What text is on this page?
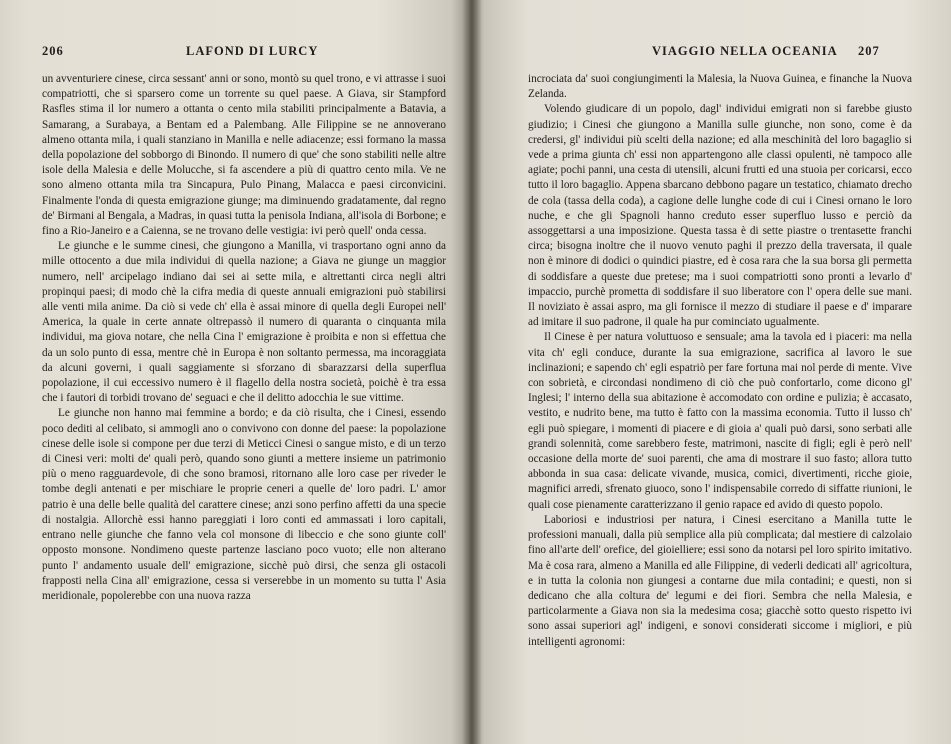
206	LAFOND DI LURCY

un avventuriere cinese, circa sessant' anni or sono, montò su quel trono, e vi attrasse i suoi compatriotti, che si sparsero come un torrente su quel paese. A Giava, sir Stampford Rasfles stima il lor numero a ottanta o cento mila stabiliti principalmente a Batavia, a Samarang, a Surabaya, a Bentam ed a Palembang. Alle Filippine se ne annoverano almeno ottanta mila, i quali stanziano in Manilla e nelle adiacenze; essi formano la massa della popolazione del sobborgo di Binondo. Il numero di que' che sono stabiliti nelle altre isole della Malesia e delle Molucche, si fa ascendere a più di quattro cento mila. Ve ne sono almeno ottanta mila tra Sincapura, Pulo Pinang, Malacca e paesi circonvicini. Finalmente l'onda di questa emigrazione giunge; ma diminuendo gradatamente, dal regno de' Birmani al Bengala, a Madras, in quasi tutta la penisola Indiana, all'isola di Borbone; e fino a Rio-Janeiro e a Caienna, se ne trovano delle vestigia: ivi però quell' onda cessa.

Le giunche e le summe cinesi, che giungono a Manilla, vi trasportano ogni anno da mille ottocento a due mila individui di quella nazione; a Giava ne giunge un maggior numero, nell' arcipelago indiano dai sei ai sette mila, e altrettanti circa negli altri propinqui paesi; di modo chè la cifra media di queste annuali emigrazioni può stabilirsi alle venti mila anime. Da ciò si vede ch' ella è assai minore di quella degli Europei nell' America, la quale in certe annate oltrepassò il numero di quaranta o cinquanta mila individui, ma giova notare, che nella Cina l' emigrazione è proibita e non si effettua che da un solo punto di essa, mentre chè in Europa è non soltanto permessa, ma incoraggiata da alcuni governi, i quali saggiamente si sforzano di sbarazzarsi della superflua popolazione, il cui eccessivo numero è il flagello della nostra società, poichè è tra essa che i fautori di torbidi trovano de' seguaci e che il delitto adocchia le sue vittime.

Le giunche non hanno mai femmine a bordo; e da ciò risulta, che i Cinesi, essendo poco dediti al celibato, si ammogli ano o convivono con donne del paese: la popolazione cinese delle isole si compone per due terzi di Meticci Cinesi o sangue misto, e di un terzo di Cinesi veri: molti de' quali però, quando sono giunti a mettere insieme un patrimonio più o meno ragguardevole, di che sono bramosi, ritornano alle loro case per riveder le tombe degli antenati e per mischiare le proprie ceneri a quelle de' loro padri. L' amor patrio è una delle belle qualità del carattere cinese; anzi sono perfino affetti da una specie di nostalgia. Allorchè essi hanno pareggiati i loro conti ed ammassati i loro capitali, entrano nelle giunche che fanno vela col monsone di libeccio e che sono giunte coll' opposto monsone. Nondimeno queste partenze lasciano poco vuoto; elle non alterano punto l' andamento usuale dell' emigrazione, sicchè può dirsi, che senza gli ostacoli frapposti nella Cina all' emigrazione, cessa si verserebbe in un momento su tutta l' Asia meridionale, popolerebbe con una nuova razza

VIAGGIO NELLA OCEANIA 207

incrociata da' suoi congiungimenti la Malesia, la Nuova Guinea, e finanche la Nuova Zelanda.

Volendo giudicare di un popolo, dagl' individui emigrati non si farebbe giusto giudizio; i Cinesi che giungono a Manilla sulle giunche, non sono, come è da credersi, gl' individui più scelti della nazione; ed alla meschinità del loro bagaglio si vede a prima giunta ch' essi non appartengono alle classi opulenti, nè tampoco alle agiate; pochi panni, una cesta di utensili, alcuni frutti ed una stuoia per coricarsi, ecco tutto il loro bagaglio. Appena sbarcano debbono pagare un testatico, chiamato drecho de cola (tassa della coda), a cagione delle lunghe code di cui i Cinesi ornano le loro nuche, e che gli Spagnoli hanno creduto esser superfluo lusso e perciò da assoggettarsi a una imposizione. Questa tassa è di sette piastre o trentasette franchi circa; bisogna inoltre che il nuovo venuto paghi il prezzo della traversata, il quale non è minore di dodici o quindici piastre, ed è cosa rara che la sua borsa gli permetta di soddisfare a queste due pretese; ma i suoi compatriotti sono pronti a levarlo d' impaccio, purchè prometta di soddisfare il suo liberatore con l' opera delle sue mani. Il noviziato è assai aspro, ma gli fornisce il mezzo di studiare il paese e d' imparare ad imitare il suo padrone, il quale ha pur cominciato ugualmente.

Il Cinese è per natura voluttuoso e sensuale; ama la tavola ed i piaceri: ma nella vita ch' egli conduce, durante la sua emigrazione, sacrifica al lavoro le sue inclinazioni; e sapendo ch' egli espatriò per fare fortuna mai nol perde di mente. Vive con sobrietà, e circondasi nondimeno di ciò che può confortarlo, come dicono gl' Inglesi; l' interno della sua abitazione è accomodato con ordine e pulizia; è accasato, vestito, e nudrito bene, ma tutto è fatto con la massima economia. Tutto il lusso ch' egli può spiegare, i momenti di piacere e di gioia a' quali può darsi, sono serbati alle grandi solennità, come sarebbero feste, matrimoni, nascite di figli; egli è però nell' occasione della morte de' suoi parenti, che ama di mostrare il suo fasto; allora tutto abbonda in sua casa: delicate vivande, musica, comici, divertimenti, ricche gioie, magnifici arredi, sfrenato giuoco, sono l' indispensabile corredo di siffatte riunioni, le quali cose pienamente caratterizzano il genio rapace ed avido di questo popolo.

Laboriosi e industriosi per natura, i Cinesi esercitano a Manilla tutte le professioni manuali, dalla più semplice alla più complicata; dal mestiere di calzolaio fino all'arte dell' orefice, del gioielliere; essi sono da notarsi pel loro spirito imitativo. Ma è cosa rara, almeno a Manilla ed alle Filippine, di vederli dedicati all' agricoltura, e in tutta la colonia non giungesi a contarne due mila contadini; e questi, non si dedicano che alla coltura de' legumi e dei fiori. Sembra che nella Malesia, e particolarmente a Giava non sia la medesima cosa; giacchè sotto questo rispetto ivi sono assai superiori agl' indigeni, e sonovi considerati siccome i migliori, e più intelligenti agronomi:
